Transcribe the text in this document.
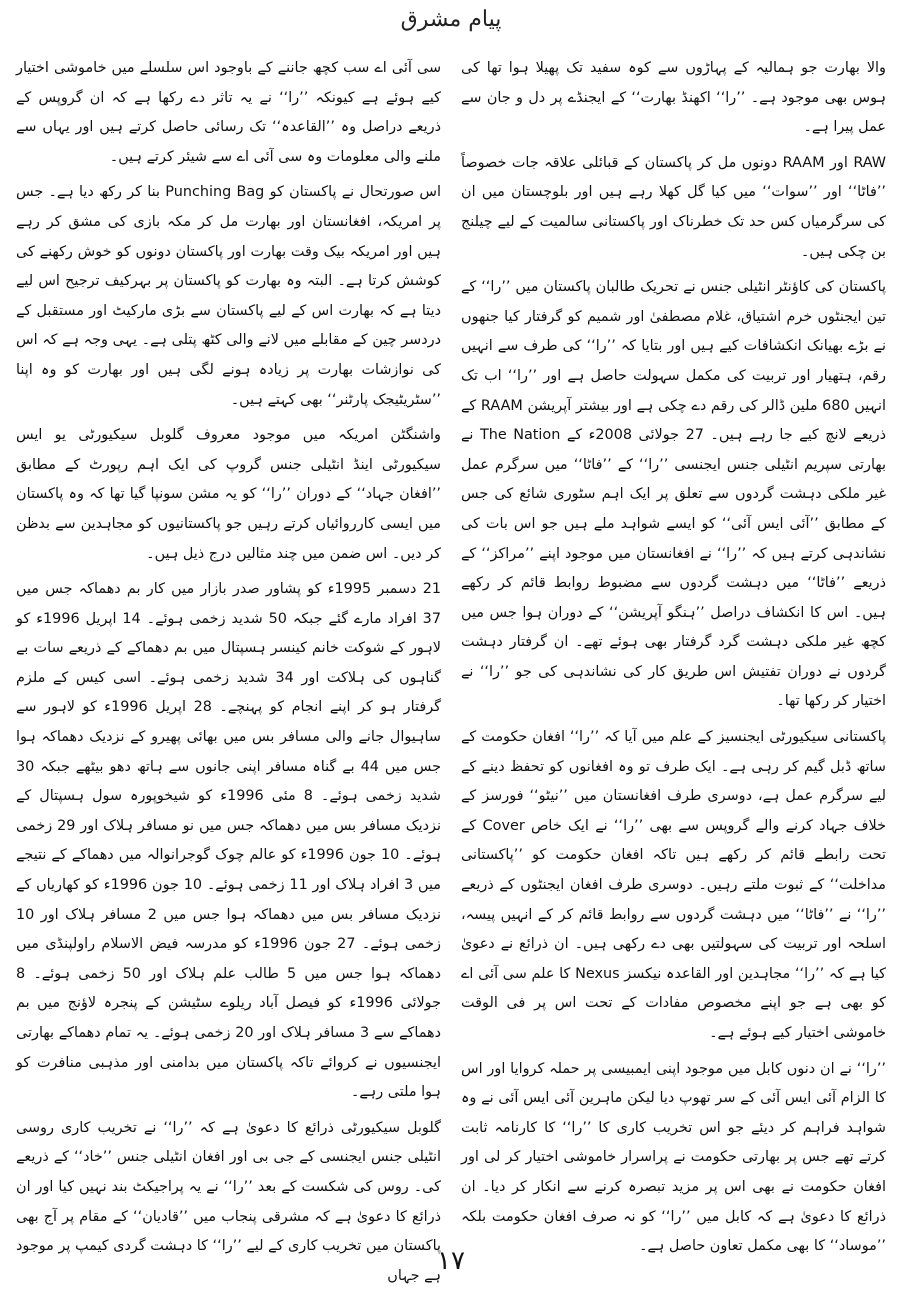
پیام مشرق

والا بھارت جو ہمالیہ کے پہاڑوں سے کوہ سفید تک پھیلا ہوا تھا کی ہوس بھی موجود ہے۔ ’’را‘‘ اکھنڈ بھارت‘‘ کے ایجنڈے پر دل و جان سے عمل پیرا ہے۔

RAW اور RAAM دونوں مل کر پاکستان کے قبائلی علاقہ جات خصوصاً ’’فاٹا‘‘ اور ’’سوات‘‘ میں کیا گل کھلا رہے ہیں اور بلوچستان میں ان کی سرگرمیاں کس حد تک خطرناک اور پاکستانی سالمیت کے لیے چیلنج بن چکی ہیں۔

پاکستان کی کاؤنٹر انٹیلی جنس نے تحریک طالبان پاکستان میں ’’را‘‘ کے تین ایجنٹوں خرم اشتیاق، غلام مصطفیٰ اور شمیم کو گرفتار کیا جنھوں نے بڑے بھیانک انکشافات کیے ہیں اور بتایا کہ ’’را‘‘ کی طرف سے انہیں رقم، ہتھیار اور تربیت کی مکمل سہولت حاصل ہے اور ’’را‘‘ اب تک انہیں 680 ملین ڈالر کی رقم دے چکی ہے اور بیشتر آپریشن RAAM کے ذریعے لانچ کیے جا رہے ہیں۔ 27 جولائی 2008ء کے The Nation نے بھارتی سپریم انٹیلی جنس ایجنسی ’’را‘‘ کے ’’فاٹا‘‘ میں سرگرم عمل غیر ملکی دہشت گردوں سے تعلق پر ایک اہم سٹوری شائع کی جس کے مطابق ’’آئی ایس آئی‘‘ کو ایسے شواہد ملے ہیں جو اس بات کی نشاندہی کرتے ہیں کہ ’’را‘‘ نے افغانستان میں موجود اپنے ’’مراکز‘‘ کے ذریعے ’’فاٹا‘‘ میں دہشت گردوں سے مضبوط روابط قائم کر رکھے ہیں۔ اس کا انکشاف دراصل ’’ہنگو آپریشن‘‘ کے دوران ہوا جس میں کچھ غیر ملکی دہشت گرد گرفتار بھی ہوئے تھے۔ ان گرفتار دہشت گردوں نے دوران تفتیش اس طریق کار کی نشاندہی کی جو ’’را‘‘ نے اختیار کر رکھا تھا۔

پاکستانی سیکیورٹی ایجنسیز کے علم میں آیا کہ ’’را‘‘ افغان حکومت کے ساتھ ڈبل گیم کر رہی ہے۔ ایک طرف تو وہ افغانوں کو تحفظ دینے کے لیے سرگرم عمل ہے، دوسری طرف افغانستان میں ’’نیٹو‘‘ فورسز کے خلاف جہاد کرنے والے گروپس سے بھی ’’را‘‘ نے ایک خاص Cover کے تحت رابطے قائم کر رکھے ہیں تاکہ افغان حکومت کو ’’پاکستانی مداخلت‘‘ کے ثبوت ملتے رہیں۔ دوسری طرف افغان ایجنٹوں کے ذریعے ’’را‘‘ نے ’’فاٹا‘‘ میں دہشت گردوں سے روابط قائم کر کے انہیں پیسہ، اسلحہ اور تربیت کی سہولتیں بھی دے رکھی ہیں۔ ان ذرائع نے دعویٰ کیا ہے کہ ’’را‘‘ مجاہدین اور القاعدہ نیکسز Nexus کا علم سی آئی اے کو بھی ہے جو اپنے مخصوص مفادات کے تحت اس پر فی الوقت خاموشی اختیار کیے ہوئے ہے۔

’’را‘‘ نے ان دنوں کابل میں موجود اپنی ایمبیسی پر حملہ کروایا اور اس کا الزام آئی ایس آئی کے سر تھوپ دیا لیکن ماہرین آئی ایس آئی نے وہ شواہد فراہم کر دیئے جو اس تخریب کاری کا ’’را‘‘ کا کارنامہ ثابت کرتے تھے جس پر بھارتی حکومت نے پراسرار خاموشی اختیار کر لی اور افغان حکومت نے بھی اس پر مزید تبصرہ کرنے سے انکار کر دیا۔ ان ذرائع کا دعویٰ ہے کہ کابل میں ’’را‘‘ کو نہ صرف افغان حکومت بلکہ ’’موساد‘‘ کا بھی مکمل تعاون حاصل ہے۔

سی آئی اے سب کچھ جاننے کے باوجود اس سلسلے میں خاموشی اختیار کیے ہوئے ہے کیونکہ ’’را‘‘ نے یہ تاثر دے رکھا ہے کہ ان گروپس کے ذریعے دراصل وہ ’’القاعدہ‘‘ تک رسائی حاصل کرتے ہیں اور یہاں سے ملنے والی معلومات وہ سی آئی اے سے شیئر کرتے ہیں۔

اس صورتحال نے پاکستان کو Punching Bag بنا کر رکھ دیا ہے۔ جس پر امریکہ، افغانستان اور بھارت مل کر مکہ بازی کی مشق کر رہے ہیں اور امریکہ بیک وقت بھارت اور پاکستان دونوں کو خوش رکھنے کی کوشش کرتا ہے۔ البتہ وہ بھارت کو پاکستان پر بہرکیف ترجیح اس لیے دیتا ہے کہ بھارت اس کے لیے پاکستان سے بڑی مارکیٹ اور مستقبل کے دردسر چین کے مقابلے میں لانے والی کٹھ پتلی ہے۔ یہی وجہ ہے کہ اس کی نوازشات بھارت پر زیادہ ہونے لگی ہیں اور بھارت کو وہ اپنا ’’سٹریٹیجک پارٹنر‘‘ بھی کہتے ہیں۔

واشنگٹن امریکہ میں موجود معروف گلوبل سیکیورٹی یو ایس سیکیورٹی اینڈ انٹیلی جنس گروپ کی ایک اہم رپورٹ کے مطابق ’’افغان جہاد‘‘ کے دوران ’’را‘‘ کو یہ مشن سونپا گیا تھا کہ وہ پاکستان میں ایسی کارروائیاں کرتے رہیں جو پاکستانیوں کو مجاہدین سے بدظن کر دیں۔ اس ضمن میں چند مثالیں درج ذیل ہیں۔

21 دسمبر 1995ء کو پشاور صدر بازار میں کار بم دھماکہ جس میں 37 افراد مارے گئے جبکہ 50 شدید زخمی ہوئے۔ 14 اپریل 1996ء کو لاہور کے شوکت خانم کینسر ہسپتال میں بم دھماکے کے ذریعے سات بے گناہوں کی ہلاکت اور 34 شدید زخمی ہوئے۔ اسی کیس کے ملزم گرفتار ہو کر اپنے انجام کو پہنچے۔ 28 اپریل 1996ء کو لاہور سے ساہیوال جانے والی مسافر بس میں بھائی پھیرو کے نزدیک دھماکہ ہوا جس میں 44 بے گناہ مسافر اپنی جانوں سے ہاتھ دھو بیٹھے جبکہ 30 شدید زخمی ہوئے۔ 8 مئی 1996ء کو شیخوپورہ سول ہسپتال کے نزدیک مسافر بس میں دھماکہ جس میں نو مسافر ہلاک اور 29 زخمی ہوئے۔ 10 جون 1996ء کو عالم چوک گوجرانوالہ میں دھماکے کے نتیجے میں 3 افراد ہلاک اور 11 زخمی ہوئے۔ 10 جون 1996ء کو کھاریاں کے نزدیک مسافر بس میں دھماکہ ہوا جس میں 2 مسافر ہلاک اور 10 زخمی ہوئے۔ 27 جون 1996ء کو مدرسہ فیض الاسلام راولپنڈی میں دھماکہ ہوا جس میں 5 طالب علم ہلاک اور 50 زخمی ہوئے۔ 8 جولائی 1996ء کو فیصل آباد ریلوے سٹیشن کے پنجرہ لاؤنج میں بم دھماکے سے 3 مسافر ہلاک اور 20 زخمی ہوئے۔ یہ تمام دھماکے بھارتی ایجنسیوں نے کروائے تاکہ پاکستان میں بدامنی اور مذہبی منافرت کو ہوا ملتی رہے۔

گلوبل سیکیورٹی ذرائع کا دعویٰ ہے کہ ’’را‘‘ نے تخریب کاری روسی انٹیلی جنس ایجنسی کے جی بی اور افغان انٹیلی جنس ’’خاد‘‘ کے ذریعے کی۔ روس کی شکست کے بعد ’’را‘‘ نے یہ پراجیکٹ بند نہیں کیا اور ان ذرائع کا دعویٰ ہے کہ مشرقی پنجاب میں ’’قادیان‘‘ کے مقام پر آج بھی پاکستان میں تخریب کاری کے لیے ’’را‘‘ کا دہشت گردی کیمپ پر موجود ہے جہاں

۱۷
